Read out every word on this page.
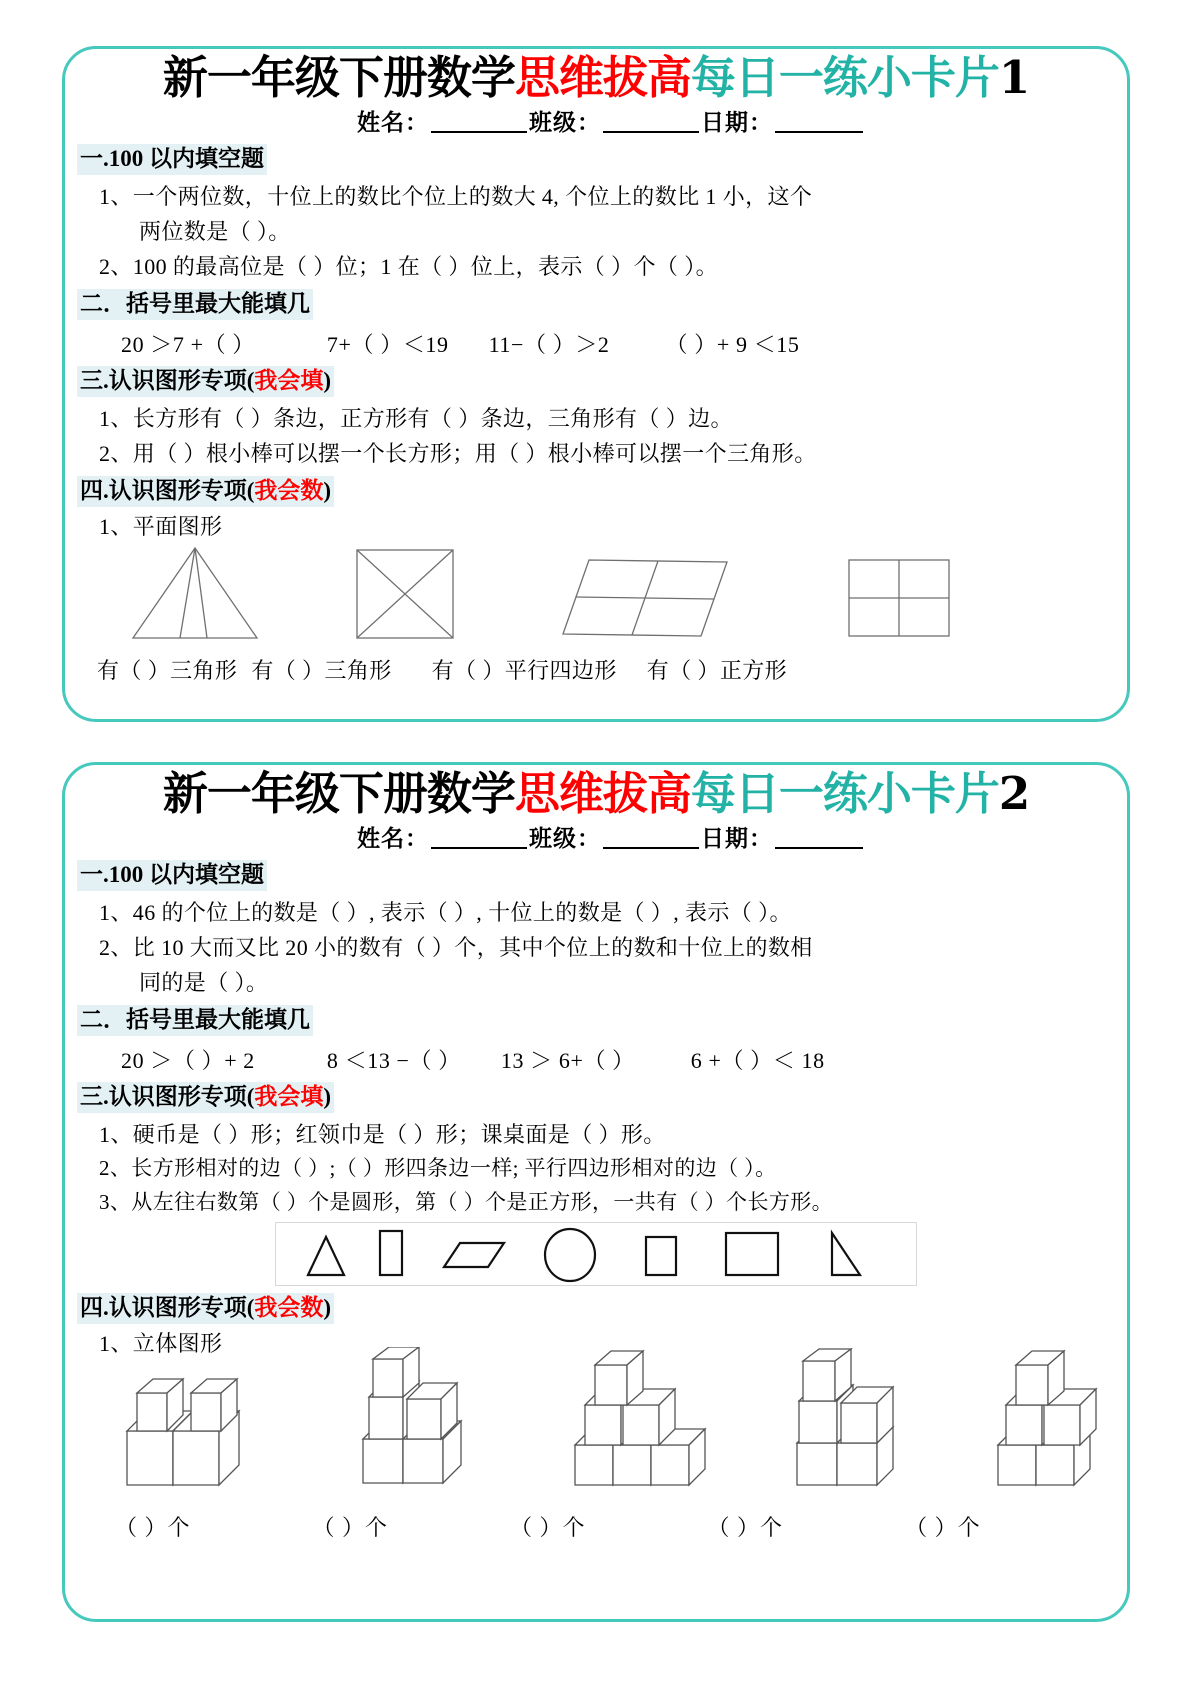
新一年级下册数学思维拔高每日一练小卡片1
姓名：	班级：	日期：
一.100 以内填空题
1、一个两位数，十位上的数比个位上的数大 4, 个位上的数比 1 小，这个
两位数是（ ）。
2、100 的最高位是（ ）位；1 在（ ）位上，表示（ ）个（ ）。
二．括号里最大能填几
20 ＞7 +（ ）	7+（ ）＜19 11−（ ）＞2	（ ）+ 9 ＜15
三.认识图形专项(我会填)
1、长方形有（ ）条边，正方形有（ ）条边，三角形有（ ）边。
2、用（ ）根小棒可以摆一个长方形；用（ ）根小棒可以摆一个三角形。
四.认识图形专项(我会数)
1、平面图形
有（ ）三角形 有（ ）三角形 有（ ）平行四边形 有（ ）正方形
新一年级下册数学思维拔高每日一练小卡片2
姓名：	班级：	日期：
一.100 以内填空题
1、46 的个位上的数是（ ）, 表示（ ）, 十位上的数是（ ）, 表示（ ）。
2、比 10 大而又比 20 小的数有（ ）个，其中个位上的数和十位上的数相
同的是（ ）。
二．括号里最大能填几
20 ＞（ ）+ 2	8 ＜13 −（ ） 13 ＞ 6+（ ）	6 +（ ）＜ 18
三.认识图形专项(我会填)
1、硬币是（ ）形；红领巾是（ ）形；课桌面是（ ）形。
2、长方形相对的边（ ）;（ ）形四条边一样; 平行四边形相对的边（ ）。
3、从左往右数第（ ）个是圆形，第（ ）个是正方形，一共有（ ）个长方形。
四.认识图形专项(我会数)
1、立体图形
（ ）个	（ ）个	（ ）个	（ ）个	（ ）个
